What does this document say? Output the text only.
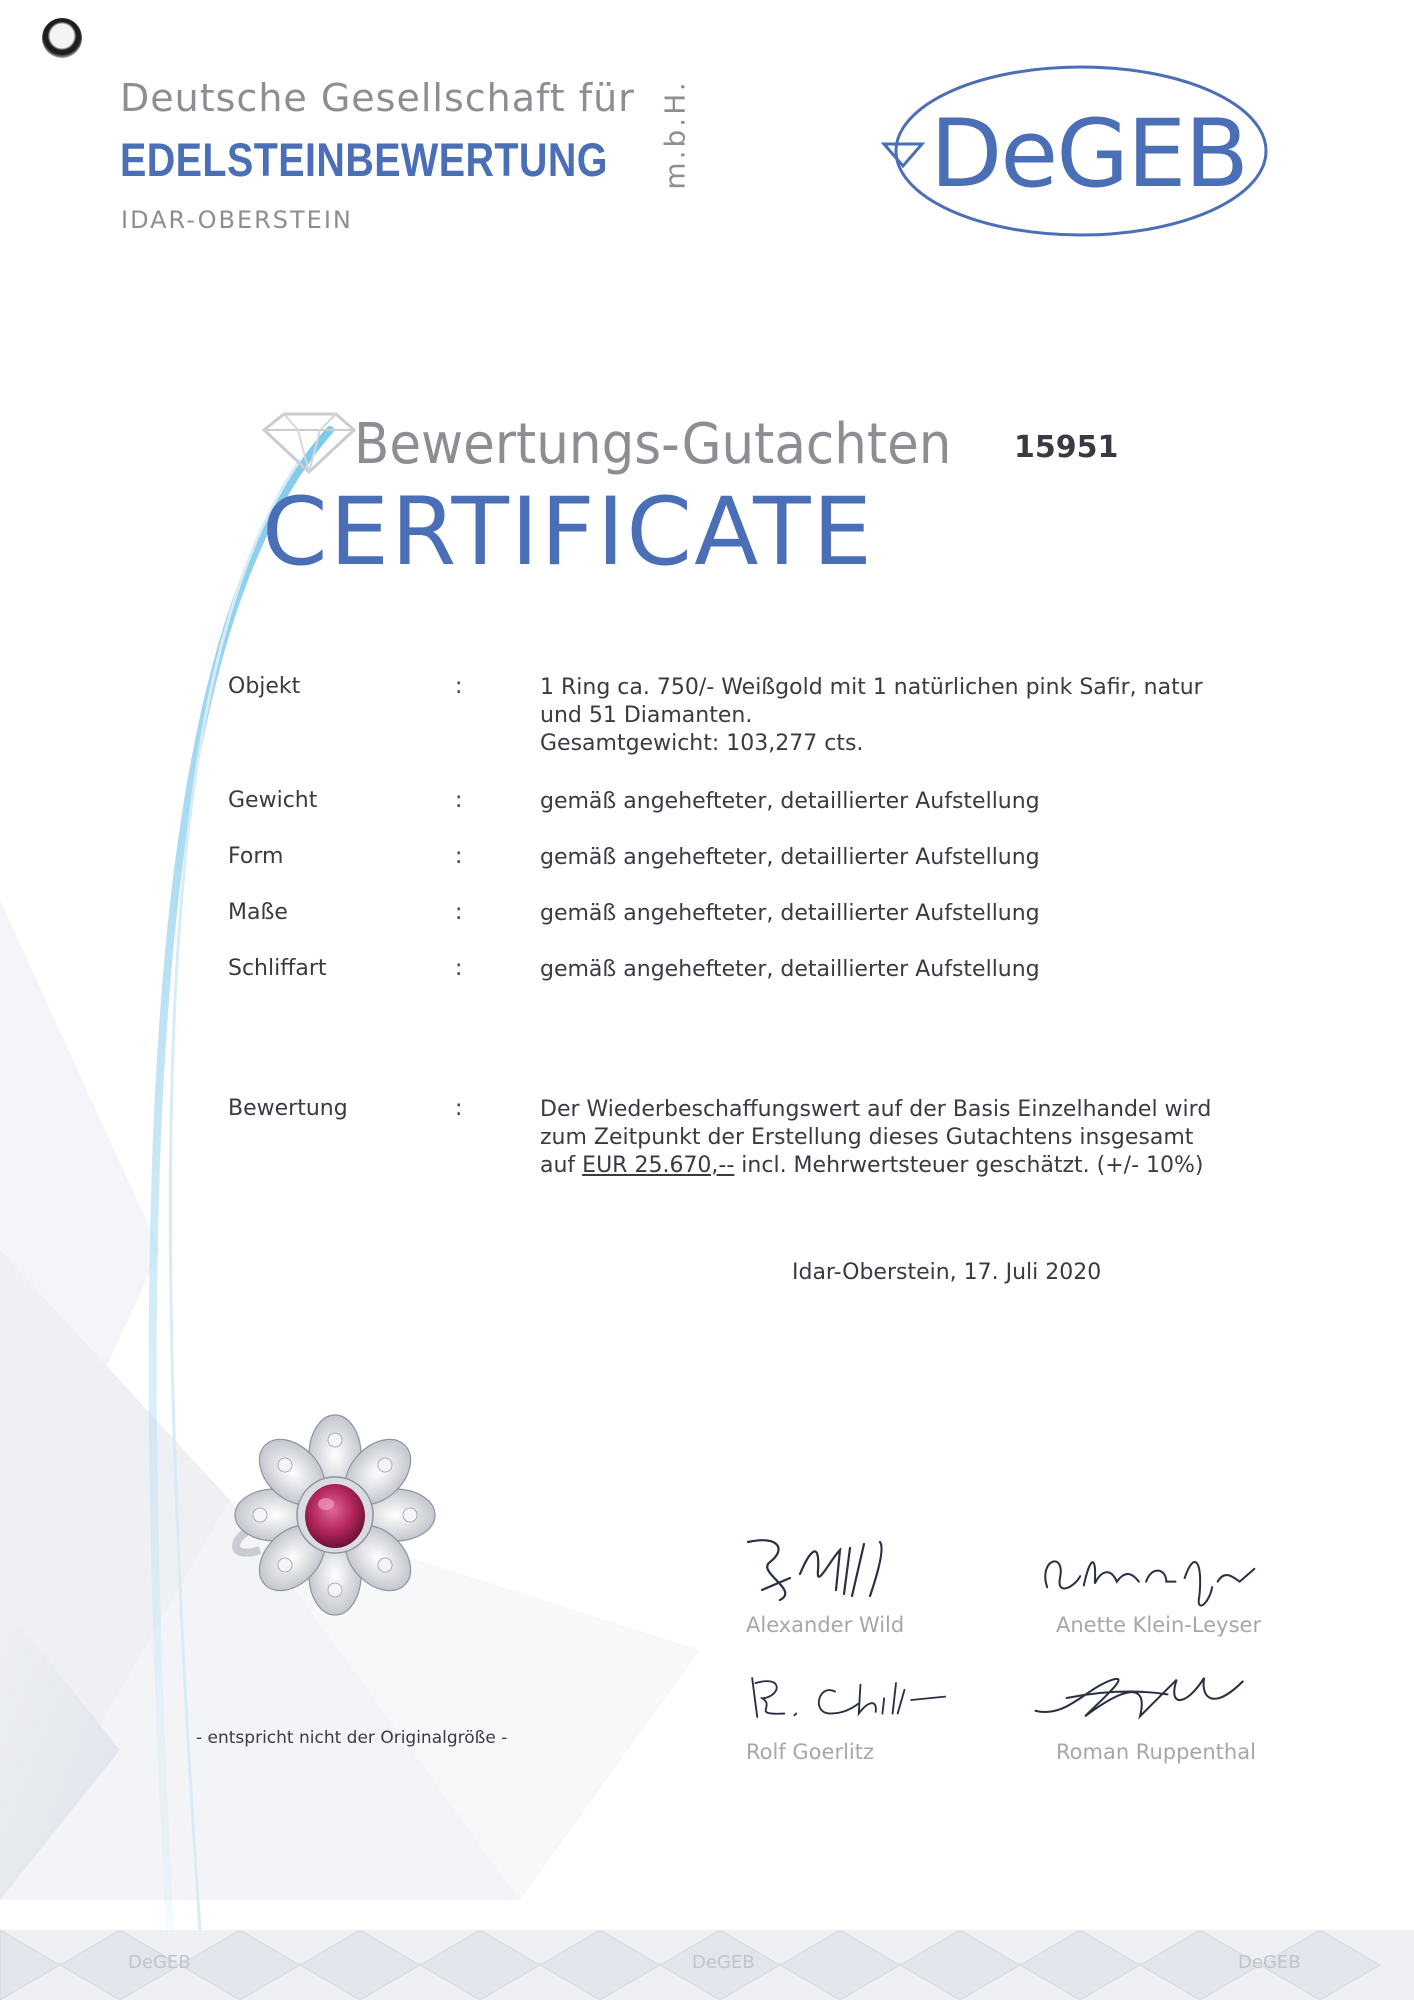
Deutsche Gesellschaft für
EDELSTEINBEWERTUNG
IDAR-OBERSTEIN
m.b.H.	DeGEB
Bewertungs-Gutachten
CERTIFICATE
15951
Objekt	:	1 Ring ca. 750/- Weißgold mit 1 natürlichen pink Safir, natur
und 51 Diamanten.
Gesamtgewicht: 103,277 cts.
Gewicht	:	gemäß angehefteter, detaillierter Aufstellung
Form	:	gemäß angehefteter, detaillierter Aufstellung
Maße	:	gemäß angehefteter, detaillierter Aufstellung
Schliffart	:	gemäß angehefteter, detaillierter Aufstellung
Bewertung	:	Der Wiederbeschaffungswert auf der Basis Einzelhandel wird
zum Zeitpunkt der Erstellung dieses Gutachtens insgesamt
auf EUR 25.670,-- incl. Mehrwertsteuer geschätzt. (+/- 10%)
Idar-Oberstein, 17. Juli 2020
- entspricht nicht der Originalgröße -
Alexander Wild	Anette Klein-Leyser
Rolf Goerlitz	Roman Ruppenthal
DeGEB	DeGEB	DeGEB
